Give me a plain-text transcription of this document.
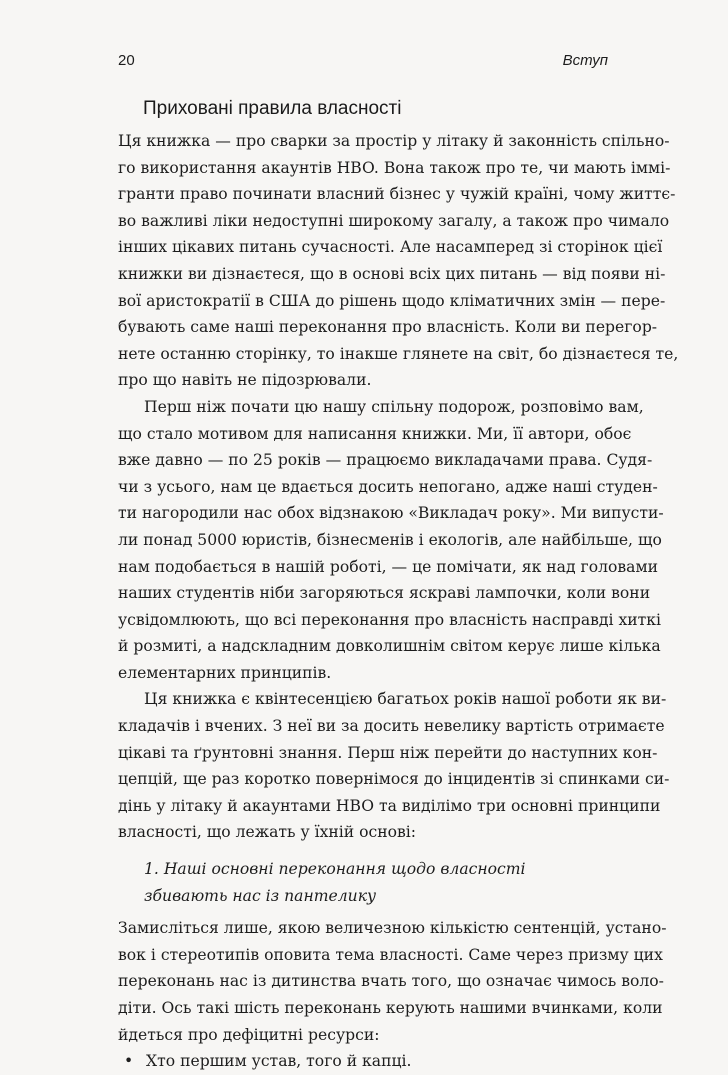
20	Вступ
Приховані правила власності
Ця книжка — про сварки за простір у літаку й законність спільно-
го використання акаунтів HBO. Вона також про те, чи мають іммі-
гранти право починати власний бізнес у чужій країні, чому життє-
во важливі ліки недоступні широкому загалу, а також про чимало
інших цікавих питань сучасності. Але насамперед зі сторінок цієї
книжки ви дізнаєтеся, що в основі всіх цих питань — від появи ні-
вої аристократії в США до рішень щодо кліматичних змін — пере-
бувають саме наші переконання про власність. Коли ви перегор-
нете останню сторінку, то інакше глянете на світ, бо дізнаєтеся те,
про що навіть не підозрювали.
Перш ніж почати цю нашу спільну подорож, розповімо вам,
що стало мотивом для написання книжки. Ми, її автори, обоє
вже давно — по 25 років — працюємо викладачами права. Судя-
чи з усього, нам це вдається досить непогано, адже наші студен-
ти нагородили нас обох відзнакою «Викладач року». Ми випусти-
ли понад 5000 юристів, бізнесменів і екологів, але найбільше, що
нам подобається в нашій роботі, — це помічати, як над головами
наших студентів ніби загоряються яскраві лампочки, коли вони
усвідомлюють, що всі переконання про власність насправді хиткі
й розмиті, а надскладним довколишнім світом керує лише кілька
елементарних принципів.
Ця книжка є квінтесенцією багатьох років нашої роботи як ви-
кладачів і вчених. З неї ви за досить невелику вартість отримаєте
цікаві та ґрунтовні знання. Перш ніж перейти до наступних кон-
цепцій, ще раз коротко повернімося до інцидентів зі спинками си-
дінь у літаку й акаунтами HBO та виділімо три основні принципи
власності, що лежать у їхній основі:
1. Наші основні переконання щодо власності
збивають нас із пантелику
Замисліться лише, якою величезною кількістю сентенцій, устано-
вок і стереотипів оповита тема власності. Саме через призму цих
переконань нас із дитинства вчать того, що означає чимось воло-
діти. Ось такі шість переконань керують нашими вчинками, коли
йдеться про дефіцитні ресурси:
• Хто першим устав, того й капці.
